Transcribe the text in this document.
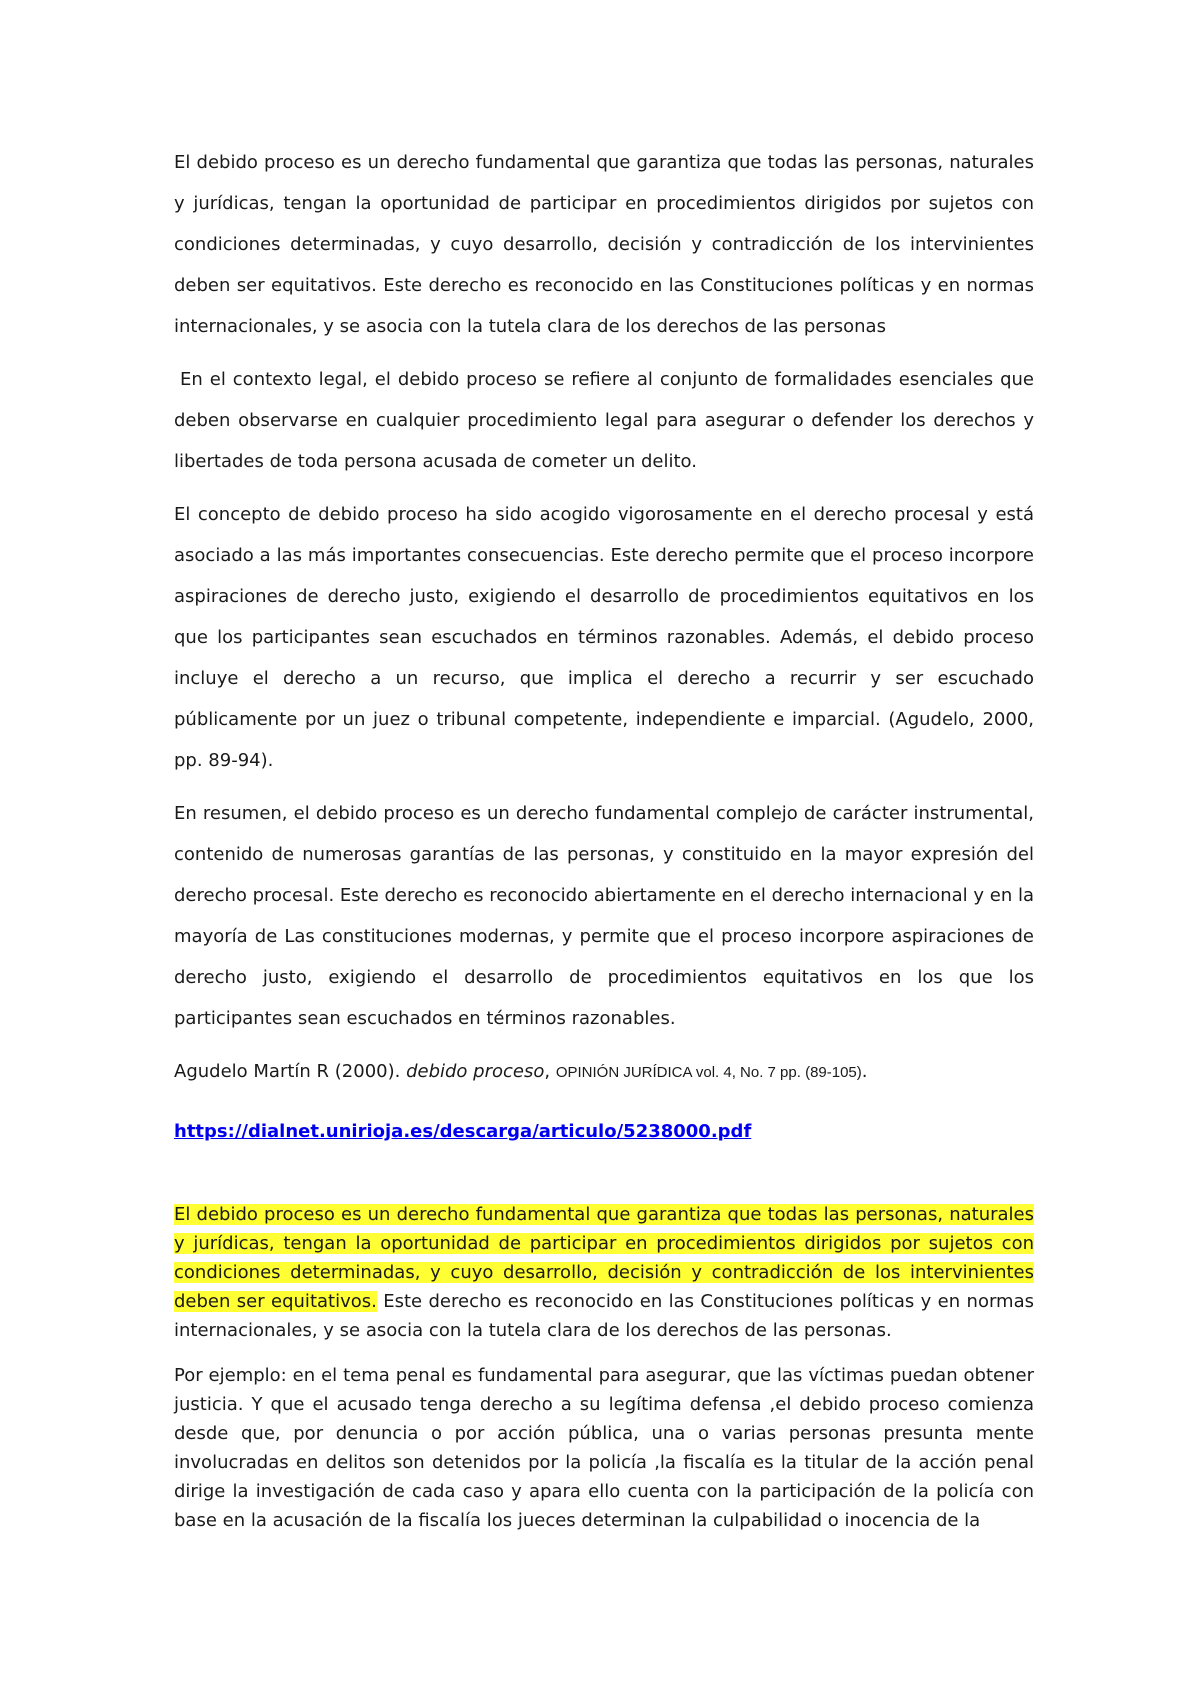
El debido proceso es un derecho fundamental que garantiza que todas las personas, naturales y jurídicas, tengan la oportunidad de participar en procedimientos dirigidos por sujetos con condiciones determinadas, y cuyo desarrollo, decisión y contradicción de los intervinientes deben ser equitativos. Este derecho es reconocido en las Constituciones políticas y en normas internacionales, y se asocia con la tutela clara de los derechos de las personas

En el contexto legal, el debido proceso se refiere al conjunto de formalidades esenciales que deben observarse en cualquier procedimiento legal para asegurar o defender los derechos y libertades de toda persona acusada de cometer un delito.

El concepto de debido proceso ha sido acogido vigorosamente en el derecho procesal y está asociado a las más importantes consecuencias. Este derecho permite que el proceso incorpore aspiraciones de derecho justo, exigiendo el desarrollo de procedimientos equitativos en los que los participantes sean escuchados en términos razonables. Además, el debido proceso incluye el derecho a un recurso, que implica el derecho a recurrir y ser escuchado públicamente por un juez o tribunal competente, independiente e imparcial. (Agudelo, 2000, pp. 89-94).

En resumen, el debido proceso es un derecho fundamental complejo de carácter instrumental, contenido de numerosas garantías de las personas, y constituido en la mayor expresión del derecho procesal. Este derecho es reconocido abiertamente en el derecho internacional y en la mayoría de Las constituciones modernas, y permite que el proceso incorpore aspiraciones de derecho justo, exigiendo el desarrollo de procedimientos equitativos en los que los participantes sean escuchados en términos razonables.

Agudelo Martín R (2000). debido proceso, OPINIÓN JURÍDICA vol. 4, No. 7 pp. (89-105).

https://dialnet.unirioja.es/descarga/articulo/5238000.pdf

El debido proceso es un derecho fundamental que garantiza que todas las personas, naturales y jurídicas, tengan la oportunidad de participar en procedimientos dirigidos por sujetos con condiciones determinadas, y cuyo desarrollo, decisión y contradicción de los intervinientes deben ser equitativos. Este derecho es reconocido en las Constituciones políticas y en normas internacionales, y se asocia con la tutela clara de los derechos de las personas.

Por ejemplo: en el tema penal es fundamental para asegurar, que las víctimas puedan obtener justicia. Y que el acusado tenga derecho a su legítima defensa ,el debido proceso comienza desde que, por denuncia o por acción pública, una o varias personas presunta mente involucradas en delitos son detenidos por la policía ,la fiscalía es la titular de la acción penal dirige la investigación de cada caso y apara ello cuenta con la participación de la policía con base en la acusación de la fiscalía los jueces determinan la culpabilidad o inocencia de la
